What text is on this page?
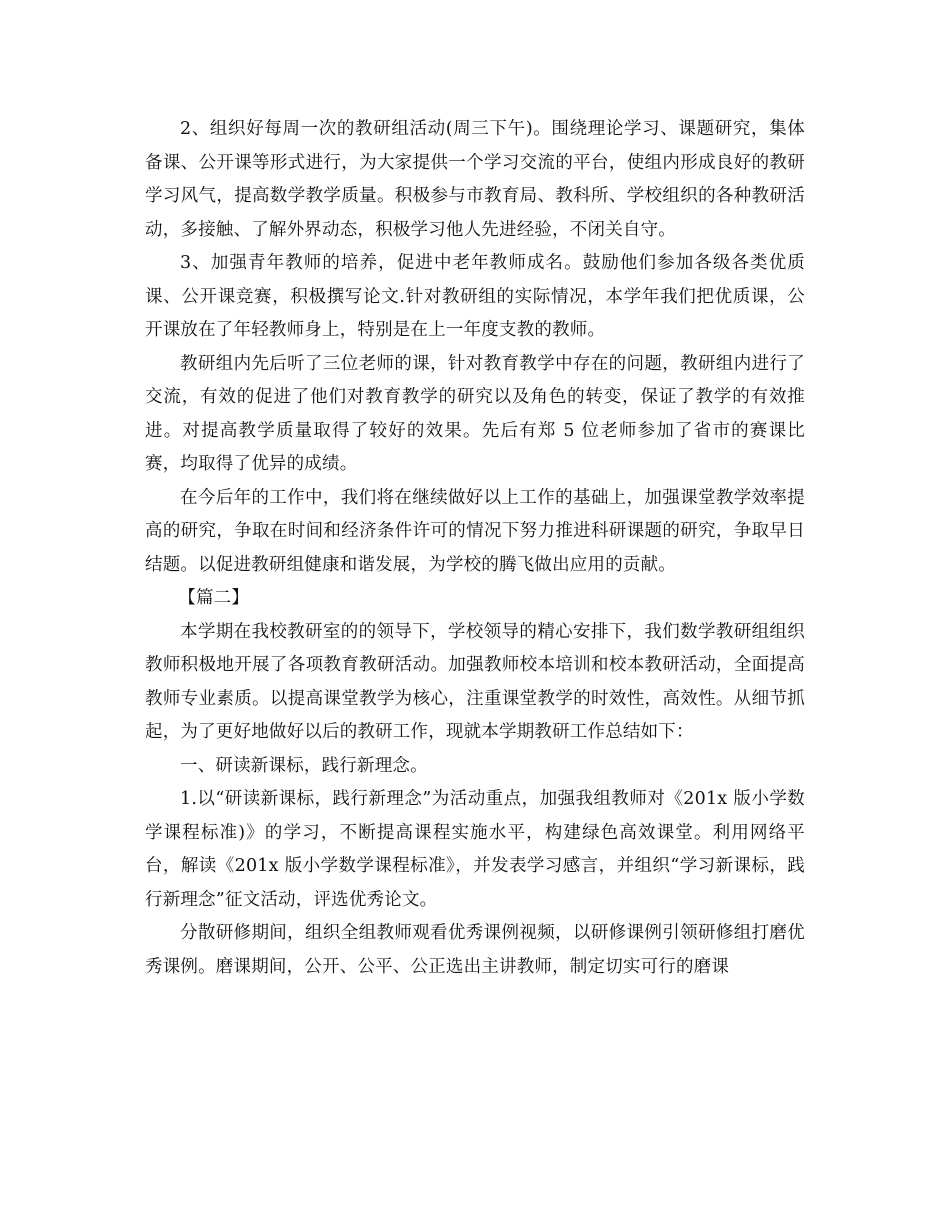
2、组织好每周一次的教研组活动(周三下午)。围绕理论学习、课题研究，集体备课、公开课等形式进行，为大家提供一个学习交流的平台，使组内形成良好的教研学习风气，提高数学教学质量。积极参与市教育局、教科所、学校组织的各种教研活动，多接触、了解外界动态，积极学习他人先进经验，不闭关自守。

3、加强青年教师的培养，促进中老年教师成名。鼓励他们参加各级各类优质课、公开课竞赛，积极撰写论文.针对教研组的实际情况，本学年我们把优质课，公开课放在了年轻教师身上，特别是在上一年度支教的教师。

教研组内先后听了三位老师的课，针对教育教学中存在的问题，教研组内进行了交流，有效的促进了他们对教育教学的研究以及角色的转变，保证了教学的有效推进。对提高教学质量取得了较好的效果。先后有郑 5 位老师参加了省市的赛课比赛，均取得了优异的成绩。

在今后年的工作中，我们将在继续做好以上工作的基础上，加强课堂教学效率提高的研究，争取在时间和经济条件许可的情况下努力推进科研课题的研究，争取早日结题。以促进教研组健康和谐发展，为学校的腾飞做出应用的贡献。

【篇二】

本学期在我校教研室的的领导下，学校领导的精心安排下，我们数学教研组组织教师积极地开展了各项教育教研活动。加强教师校本培训和校本教研活动，全面提高教师专业素质。以提高课堂教学为核心，注重课堂教学的时效性，高效性。从细节抓起，为了更好地做好以后的教研工作，现就本学期教研工作总结如下：

一、研读新课标，践行新理念。

1.以“研读新课标，践行新理念”为活动重点，加强我组教师对《201x 版小学数学课程标准)》的学习，不断提高课程实施水平，构建绿色高效课堂。利用网络平台，解读《201x 版小学数学课程标准》，并发表学习感言，并组织“学习新课标，践行新理念”征文活动，评选优秀论文。

分散研修期间，组织全组教师观看优秀课例视频，以研修课例引领研修组打磨优秀课例。磨课期间，公开、公平、公正选出主讲教师，制定切实可行的磨课
